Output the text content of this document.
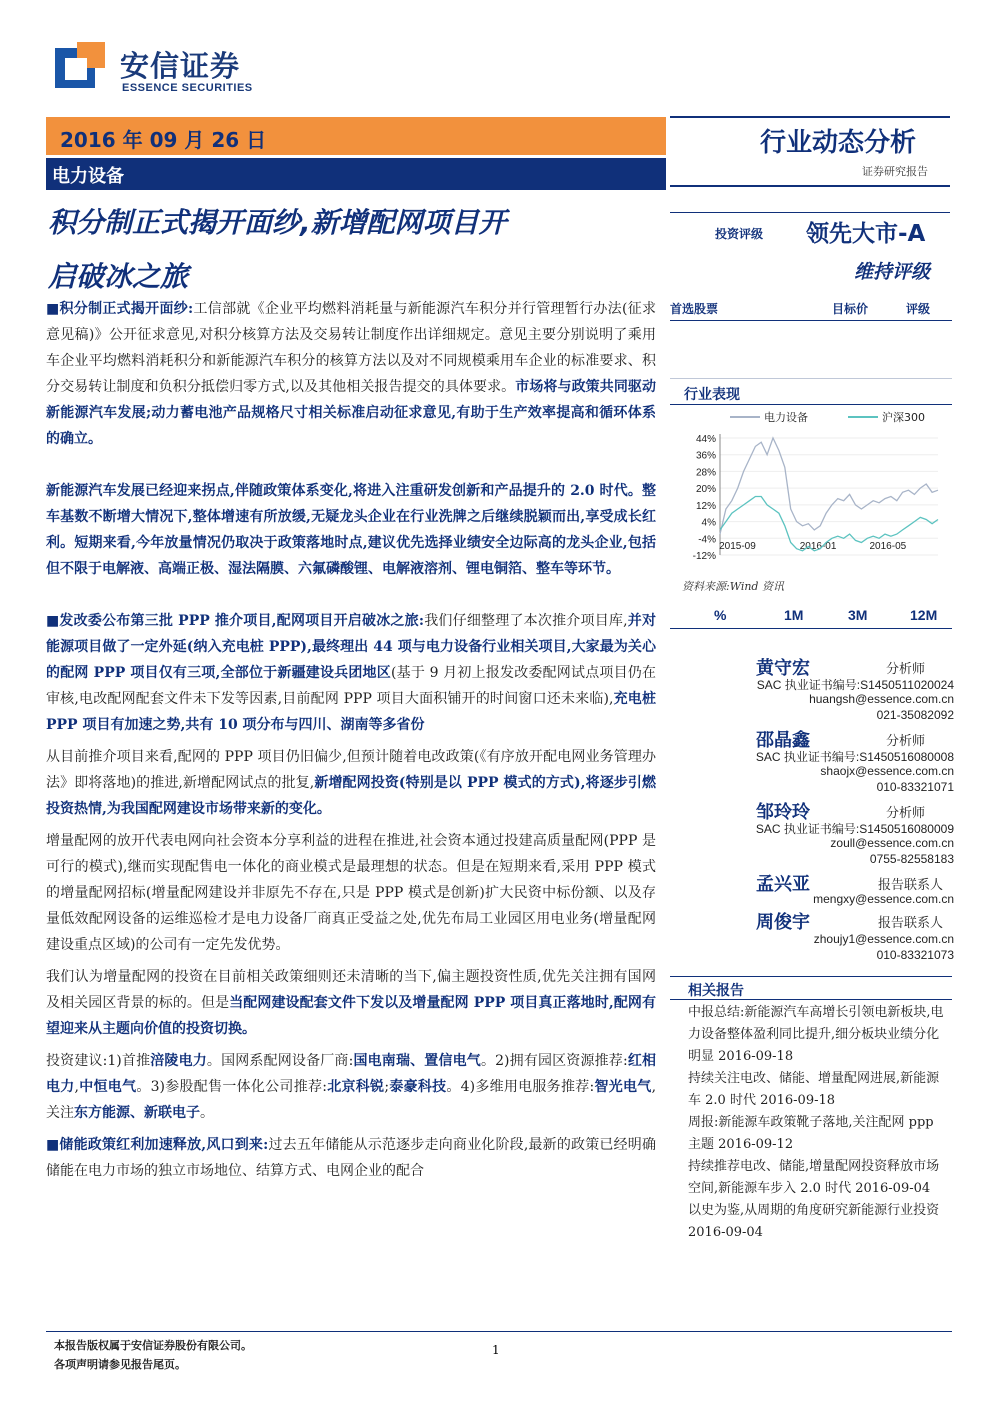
安信证券
ESSENCE SECURITIES
2016 年 09 月 26 日
电力设备
行业动态分析
证券研究报告
积分制正式揭开面纱,新增配网项目开
启破冰之旅
投资评级 领先大市-A
维持评级
首选股票	目标价	评级
行业表现
电力设备	沪深300
44%
36%
28%
20%
12%
4%
-4%
-12%
2015-09	2016-01	2016-05
资料来源:Wind 资讯
%	1M	3M	12M
黄守宏	分析师
SAC 执业证书编号:S1450511020024
huangsh@essence.com.cn
021-35082092
邵晶鑫	分析师
SAC 执业证书编号:S1450516080008
shaojx@essence.com.cn
010-83321071
邹玲玲	分析师
SAC 执业证书编号:S1450516080009
zoull@essence.com.cn
0755-82558183
孟兴亚	报告联系人
mengxy@essence.com.cn
周俊宇	报告联系人
zhoujy1@essence.com.cn
010-83321073
相关报告
中报总结:新能源汽车高增长引领电新板块,电力设备整体盈利同比提升,细分板块业绩分化明显 2016-09-18
持续关注电改、储能、增量配网进展,新能源车 2.0 时代 2016-09-18
周报:新能源车政策靴子落地,关注配网 ppp 主题 2016-09-12
持续推荐电改、储能,增量配网投资释放市场空间,新能源车步入 2.0 时代 2016-09-04
以史为鉴,从周期的角度研究新能源行业投资 2016-09-04

■积分制正式揭开面纱:工信部就《企业平均燃料消耗量与新能源汽车积分并行管理暂行办法(征求意见稿)》公开征求意见,对积分核算方法及交易转让制度作出详细规定。意见主要分别说明了乘用车企业平均燃料消耗积分和新能源汽车积分的核算方法以及对不同规模乘用车企业的标准要求、积分交易转让制度和负积分抵偿归零方式,以及其他相关报告提交的具体要求。市场将与政策共同驱动新能源汽车发展;动力蓄电池产品规格尺寸相关标准启动征求意见,有助于生产效率提高和循环体系的确立。

新能源汽车发展已经迎来拐点,伴随政策体系变化,将进入注重研发创新和产品提升的 2.0 时代。整车基数不断增大情况下,整体增速有所放缓,无疑龙头企业在行业洗牌之后继续脱颖而出,享受成长红利。短期来看,今年放量情况仍取决于政策落地时点,建议优先选择业绩安全边际高的龙头企业,包括但不限于电解液、高端正极、湿法隔膜、六氟磷酸锂、电解液溶剂、锂电铜箔、整车等环节。

■发改委公布第三批 PPP 推介项目,配网项目开启破冰之旅:我们仔细整理了本次推介项目库,并对能源项目做了一定外延(纳入充电桩 PPP),最终理出 44 项与电力设备行业相关项目,大家最为关心的配网 PPP 项目仅有三项,全部位于新疆建设兵团地区(基于 9 月初上报发改委配网试点项目仍在审核,电改配网配套文件未下发等因素,目前配网 PPP 项目大面积铺开的时间窗口还未来临),充电桩 PPP 项目有加速之势,共有 10 项分布与四川、湖南等多省份

从目前推介项目来看,配网的 PPP 项目仍旧偏少,但预计随着电改政策(《有序放开配电网业务管理办法》即将落地)的推进,新增配网试点的批复,新增配网投资(特别是以 PPP 模式的方式),将逐步引燃投资热情,为我国配网建设市场带来新的变化。

增量配网的放开代表电网向社会资本分享利益的进程在推进,社会资本通过投建高质量配网(PPP 是可行的模式),继而实现配售电一体化的商业模式是最理想的状态。但是在短期来看,采用 PPP 模式的增量配网招标(增量配网建设并非原先不存在,只是 PPP 模式是创新)扩大民资中标份额、以及存量低效配网设备的运维巡检才是电力设备厂商真正受益之处,优先布局工业园区用电业务(增量配网建设重点区域)的公司有一定先发优势。

我们认为增量配网的投资在目前相关政策细则还未清晰的当下,偏主题投资性质,优先关注拥有国网及相关园区背景的标的。但是当配网建设配套文件下发以及增量配网 PPP 项目真正落地时,配网有望迎来从主题向价值的投资切换。

投资建议:1)首推涪陵电力。国网系配网设备厂商:国电南瑞、置信电气。2)拥有园区资源推荐:红相电力,中恒电气。3)参股配售一体化公司推荐:北京科锐;泰豪科技。4)多维用电服务推荐:智光电气,关注东方能源、新联电子。

■储能政策红利加速释放,风口到来:过去五年储能从示范逐步走向商业化阶段,最新的政策已经明确储能在电力市场的独立市场地位、结算方式、电网企业的配合

本报告版权属于安信证券股份有限公司。
各项声明请参见报告尾页。
1
